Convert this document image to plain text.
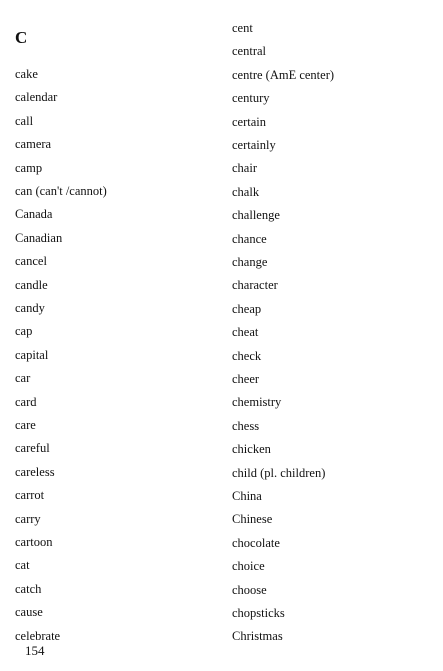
C
cake
calendar
call
camera
camp
can (can't /cannot)
Canada
Canadian
cancel
candle
candy
cap
capital
car
card
care
careful
careless
carrot
carry
cartoon
cat
catch
cause
celebrate
cent
central
centre (AmE center)
century
certain
certainly
chair
chalk
challenge
chance
change
character
cheap
cheat
check
cheer
chemistry
chess
chicken
child (pl. children)
China
Chinese
chocolate
choice
choose
chopsticks
Christmas
154
